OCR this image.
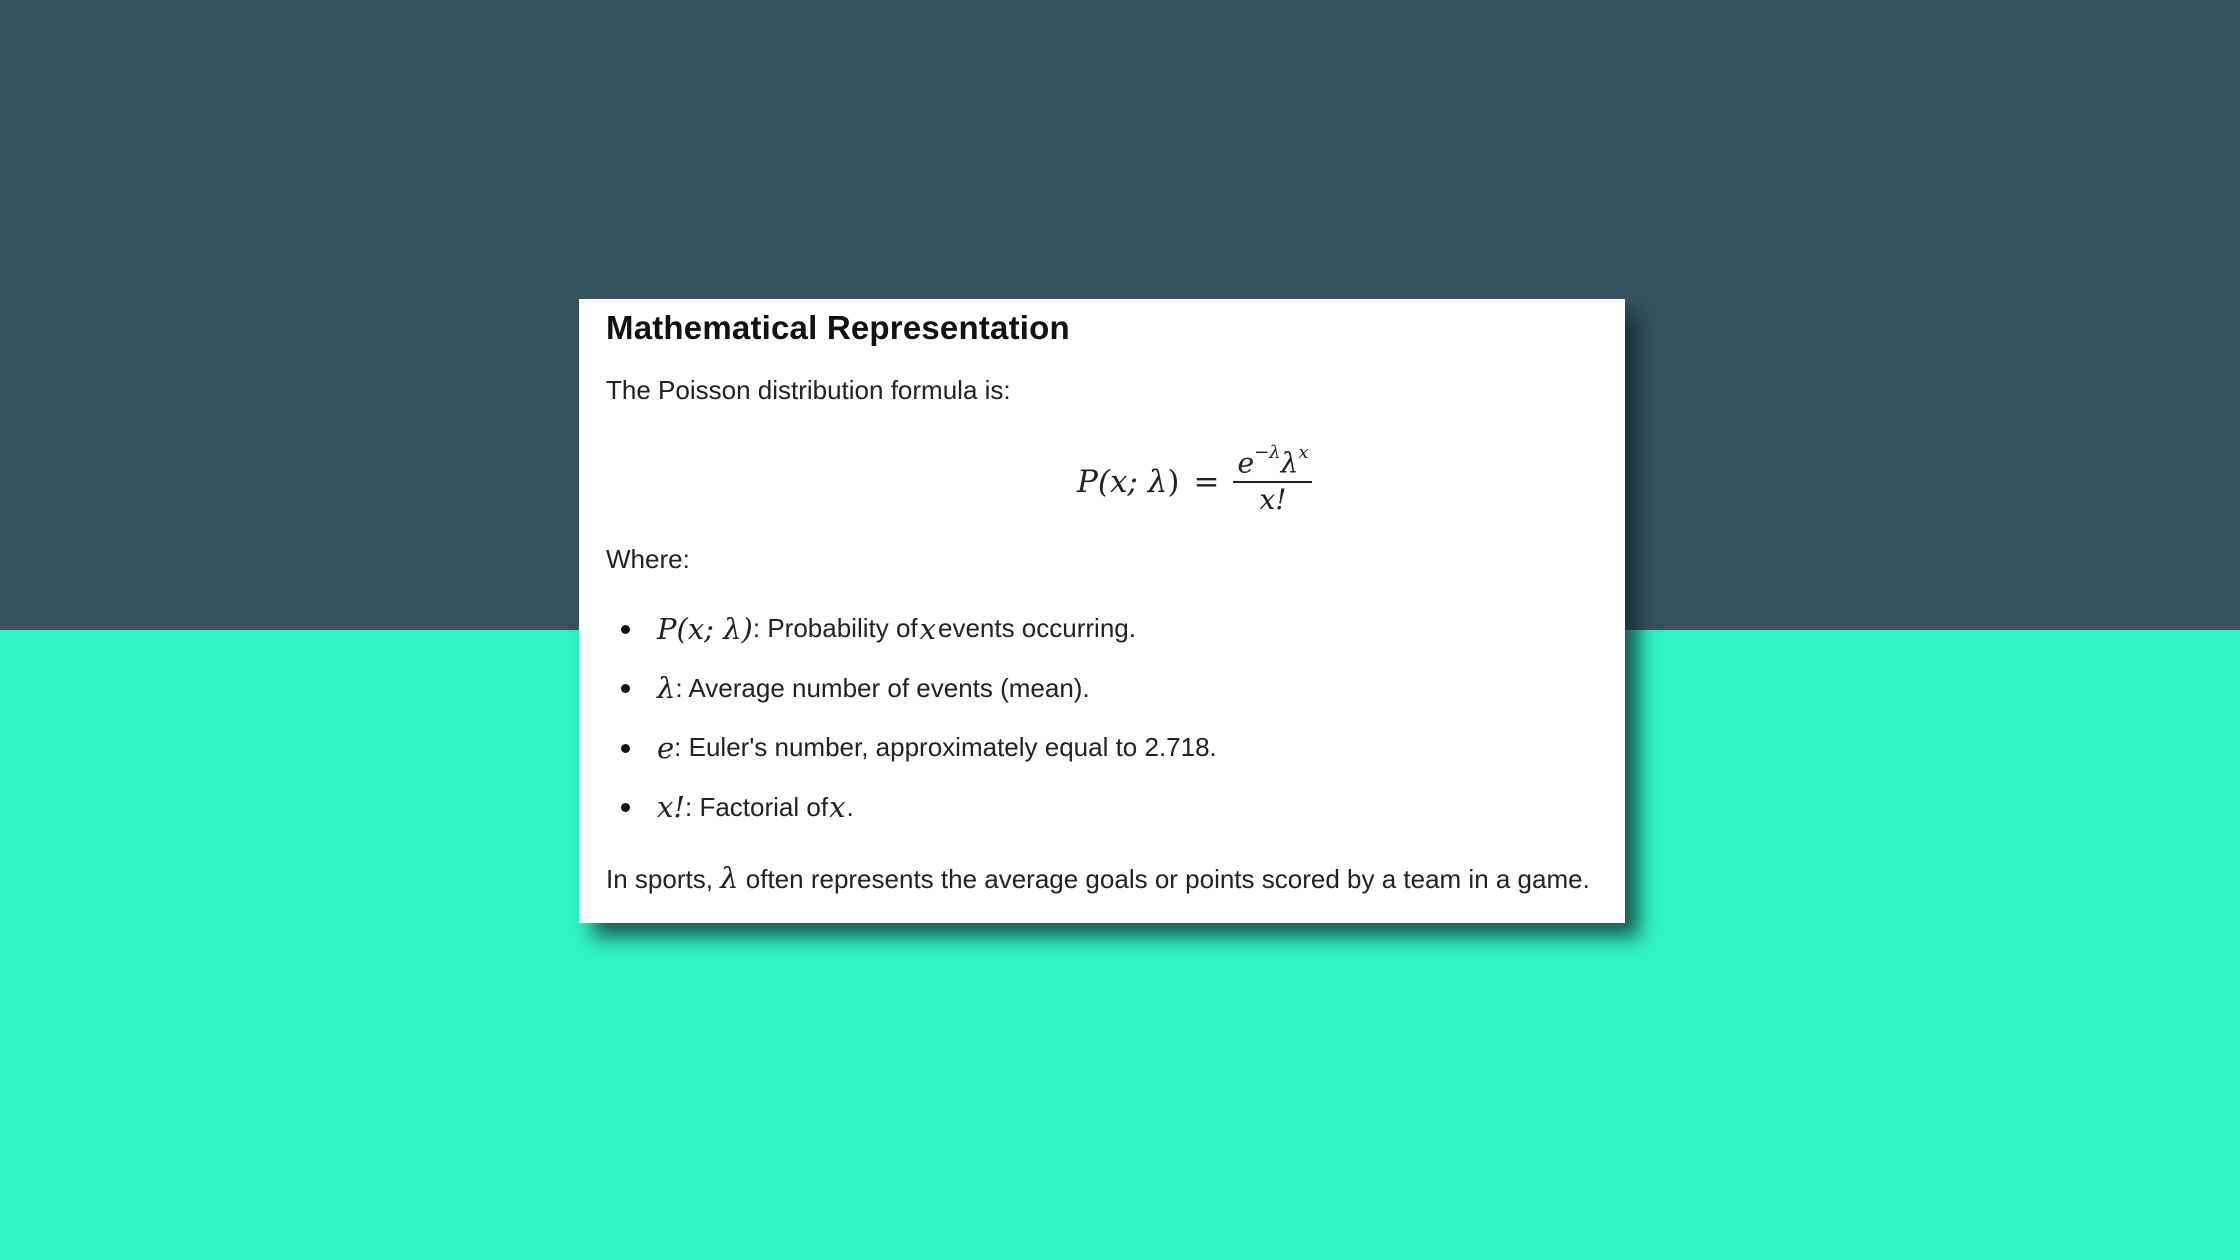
Mathematical Representation

The Poisson distribution formula is:

P(x; $\lambda) = \frac{e^{-\lambda}\lambda^x}{x!}$

Where:

P(x; λ) : Probability of x events occurring.
λ : Average number of events (mean).
e : Euler's number, approximately equal to 2.718.
x! : Factorial of x .

In sports, λ often represents the average goals or points scored by a team in a game.
